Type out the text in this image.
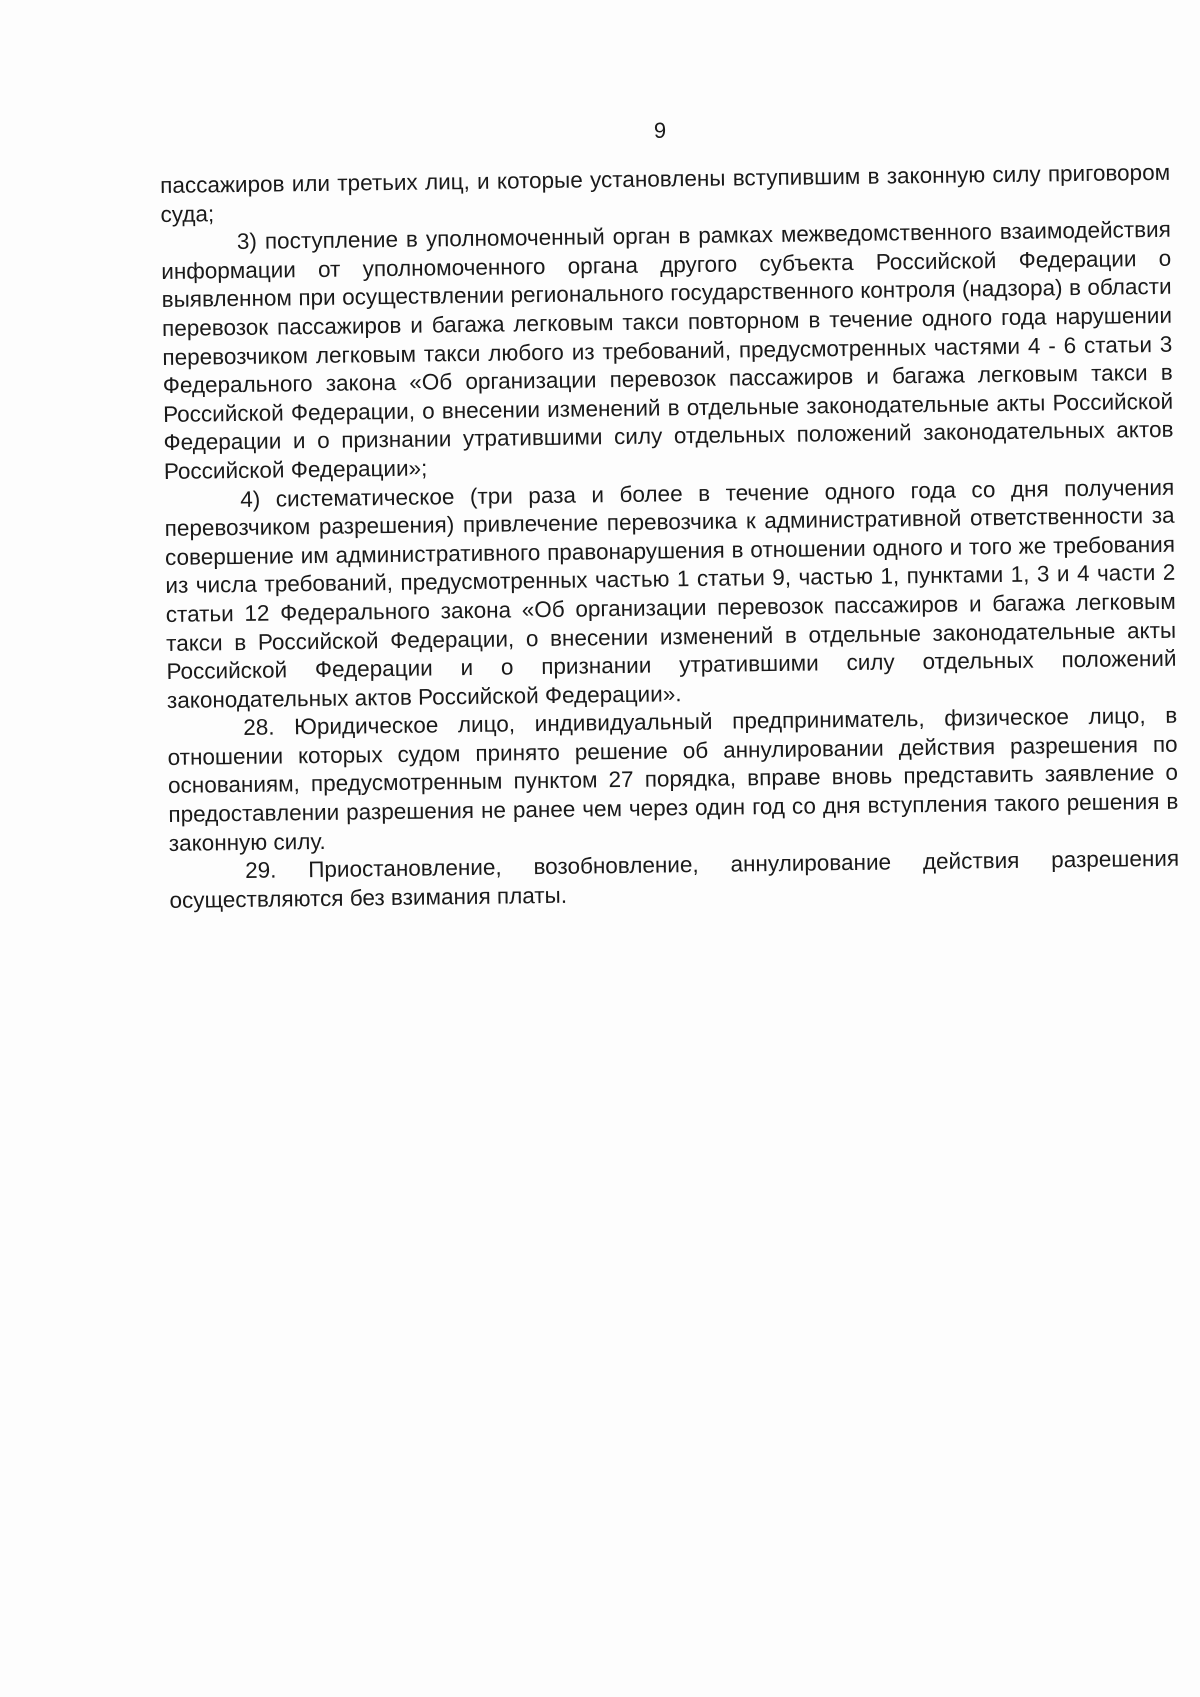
9

пассажиров или третьих лиц, и которые установлены вступившим в законную силу приговором суда;

3) поступление в уполномоченный орган в рамках межведомственного взаимодействия информации от уполномоченного органа другого субъекта Российской Федерации о выявленном при осуществлении регионального государственного контроля (надзора) в области перевозок пассажиров и багажа легковым такси повторном в течение одного года нарушении перевозчиком легковым такси любого из требований, предусмотренных частями 4 - 6 статьи 3 Федерального закона «Об организации перевозок пассажиров и багажа легковым такси в Российской Федерации, о внесении изменений в отдельные законодательные акты Российской Федерации и о признании утратившими силу отдельных положений законодательных актов Российской Федерации»;

4) систематическое (три раза и более в течение одного года со дня получения перевозчиком разрешения) привлечение перевозчика к административной ответственности за совершение им административного правонарушения в отношении одного и того же требования из числа требований, предусмотренных частью 1 статьи 9, частью 1, пунктами 1, 3 и 4 части 2 статьи 12 Федерального закона «Об организации перевозок пассажиров и багажа легковым такси в Российской Федерации, о внесении изменений в отдельные законодательные акты Российской Федерации и о признании утратившими силу отдельных положений законодательных актов Российской Федерации».

28. Юридическое лицо, индивидуальный предприниматель, физическое лицо, в отношении которых судом принято решение об аннулировании действия разрешения по основаниям, предусмотренным пунктом 27 порядка, вправе вновь представить заявление о предоставлении разрешения не ранее чем через один год со дня вступления такого решения в законную силу.

29. Приостановление, возобновление, аннулирование действия разрешения осуществляются без взимания платы.
